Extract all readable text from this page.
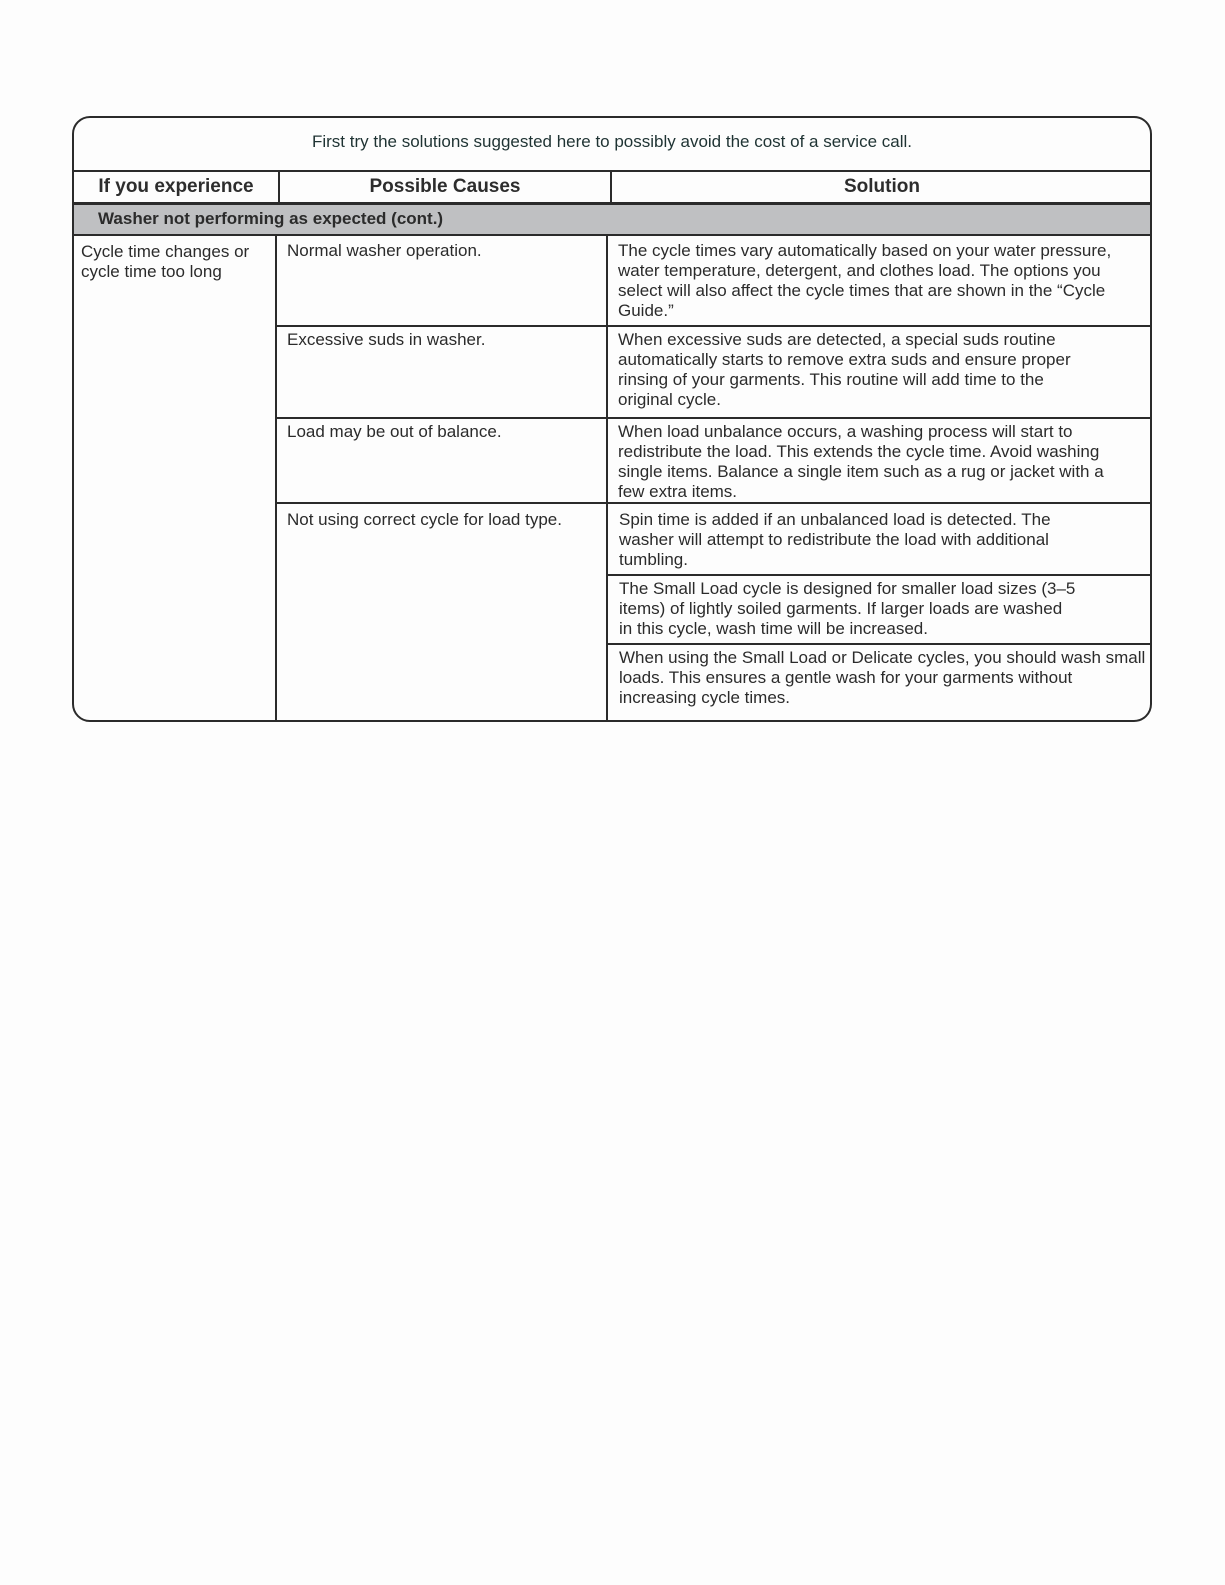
First try the solutions suggested here to possibly avoid the cost of a service call.
If you experience	Possible Causes	Solution
Washer not performing as expected (cont.)
Cycle time changes or cycle time too long
Normal washer operation.	The cycle times vary automatically based on your water pressure, water temperature, detergent, and clothes load. The options you select will also affect the cycle times that are shown in the “Cycle Guide.”
Excessive suds in washer.	When excessive suds are detected, a special suds routine automatically starts to remove extra suds and ensure proper rinsing of your garments. This routine will add time to the original cycle.
Load may be out of balance.	When load unbalance occurs, a washing process will start to redistribute the load. This extends the cycle time. Avoid washing single items. Balance a single item such as a rug or jacket with a few extra items.
Not using correct cycle for load type.	Spin time is added if an unbalanced load is detected. The washer will attempt to redistribute the load with additional tumbling.
The Small Load cycle is designed for smaller load sizes (3–5 items) of lightly soiled garments. If larger loads are washed in this cycle, wash time will be increased.
When using the Small Load or Delicate cycles, you should wash small loads. This ensures a gentle wash for your garments without increasing cycle times.
